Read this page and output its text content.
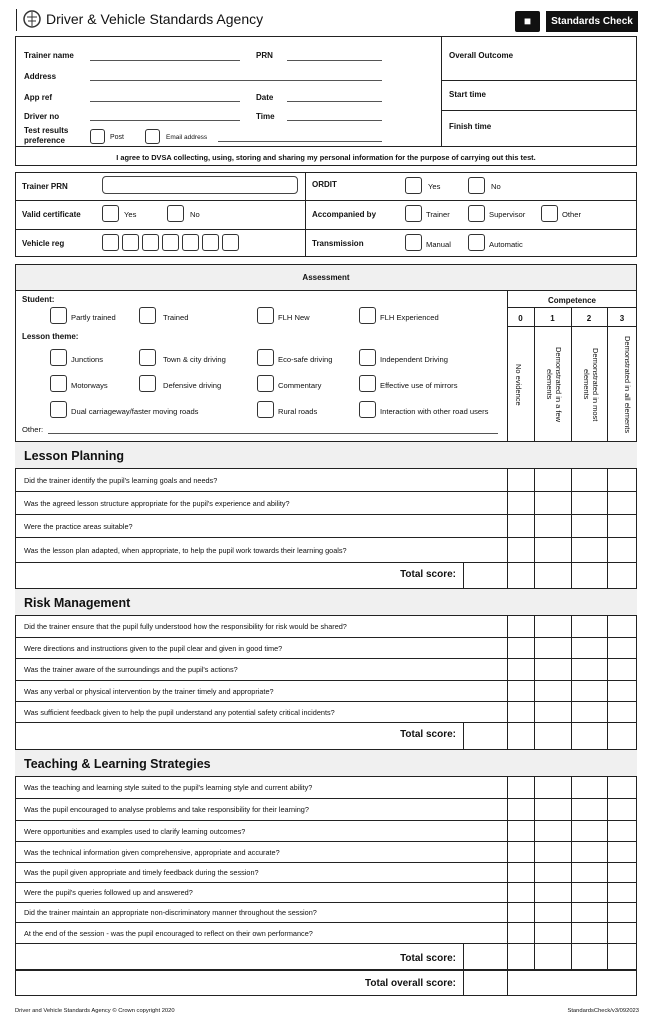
Driver & Vehicle Standards Agency	■	Standards Check
Trainer name	PRN
Address
App ref	Date
Driver no	Time
Test results preference	Post	Email address
Overall Outcome
Start time
Finish time
I agree to DVSA collecting, using, storing and sharing my personal information for the purpose of carrying out this test.
Trainer PRN
Valid certificate	Yes	No
Vehicle reg
ORDIT	Yes	No
Accompanied by	Trainer	Supervisor	Other
Transmission	Manual	Automatic
Assessment
Competence
0	1	2	3
No evidence	Demonstrated in a few elements	Demonstrated in most elements	Demonstrated in all elements
Student:
Partly trained	Trained	FLH New	FLH Experienced
Lesson theme:
Junctions	Town & city driving	Eco-safe driving	Independent Driving
Motorways	Defensive driving	Commentary	Effective use of mirrors
Dual carriageway/faster moving roads	Rural roads	Interaction with other road users
Other:
Lesson Planning
Did the trainer identify the pupil's learning goals and needs?
Was the agreed lesson structure appropriate for the pupil's experience and ability?
Were the practice areas suitable?
Was the lesson plan adapted, when appropriate, to help the pupil work towards their learning goals?
Total score:
Risk Management
Did the trainer ensure that the pupil fully understood how the responsibility for risk would be shared?
Were directions and instructions given to the pupil clear and given in good time?
Was the trainer aware of the surroundings and the pupil's actions?
Was any verbal or physical intervention by the trainer timely and appropriate?
Was sufficient feedback given to help the pupil understand any potential safety critical incidents?
Total score:
Teaching & Learning Strategies
Was the teaching and learning style suited to the pupil's learning style and current ability?
Was the pupil encouraged to analyse problems and take responsibility for their learning?
Were opportunities and examples used to clarify learning outcomes?
Was the technical information given comprehensive, appropriate and accurate?
Was the pupil given appropriate and timely feedback during the session?
Were the pupil's queries followed up and answered?
Did the trainer maintain an appropriate non-discriminatory manner throughout the session?
At the end of the session - was the pupil encouraged to reflect on their own performance?
Total score:
Total overall score:
Driver and Vehicle Standards Agency © Crown copyright 2020	StandardsCheck/v3/092023
